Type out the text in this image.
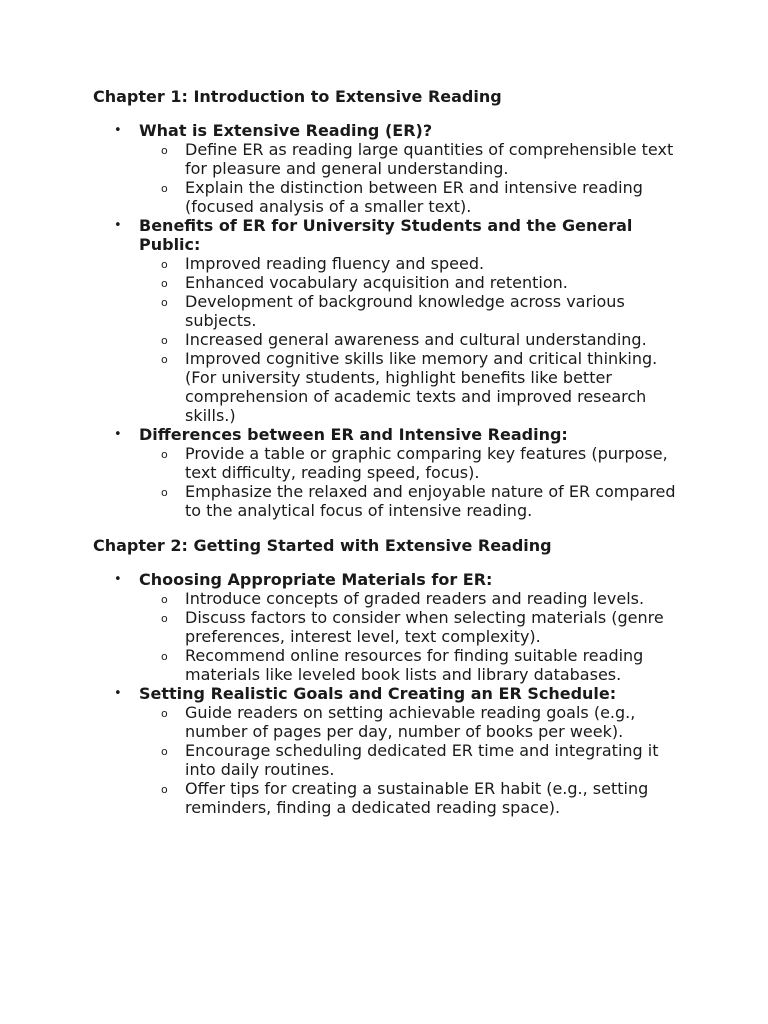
Chapter 1: Introduction to Extensive Reading
• What is Extensive Reading (ER)?
o Define ER as reading large quantities of comprehensible text for pleasure and general understanding.
o Explain the distinction between ER and intensive reading (focused analysis of a smaller text).
• Benefits of ER for University Students and the General Public:
o Improved reading fluency and speed.
o Enhanced vocabulary acquisition and retention.
o Development of background knowledge across various subjects.
o Increased general awareness and cultural understanding.
o Improved cognitive skills like memory and critical thinking. (For university students, highlight benefits like better comprehension of academic texts and improved research skills.)
• Differences between ER and Intensive Reading:
o Provide a table or graphic comparing key features (purpose, text difficulty, reading speed, focus).
o Emphasize the relaxed and enjoyable nature of ER compared to the analytical focus of intensive reading.
Chapter 2: Getting Started with Extensive Reading
• Choosing Appropriate Materials for ER:
o Introduce concepts of graded readers and reading levels.
o Discuss factors to consider when selecting materials (genre preferences, interest level, text complexity).
o Recommend online resources for finding suitable reading materials like leveled book lists and library databases.
• Setting Realistic Goals and Creating an ER Schedule:
o Guide readers on setting achievable reading goals (e.g., number of pages per day, number of books per week).
o Encourage scheduling dedicated ER time and integrating it into daily routines.
o Offer tips for creating a sustainable ER habit (e.g., setting reminders, finding a dedicated reading space).
